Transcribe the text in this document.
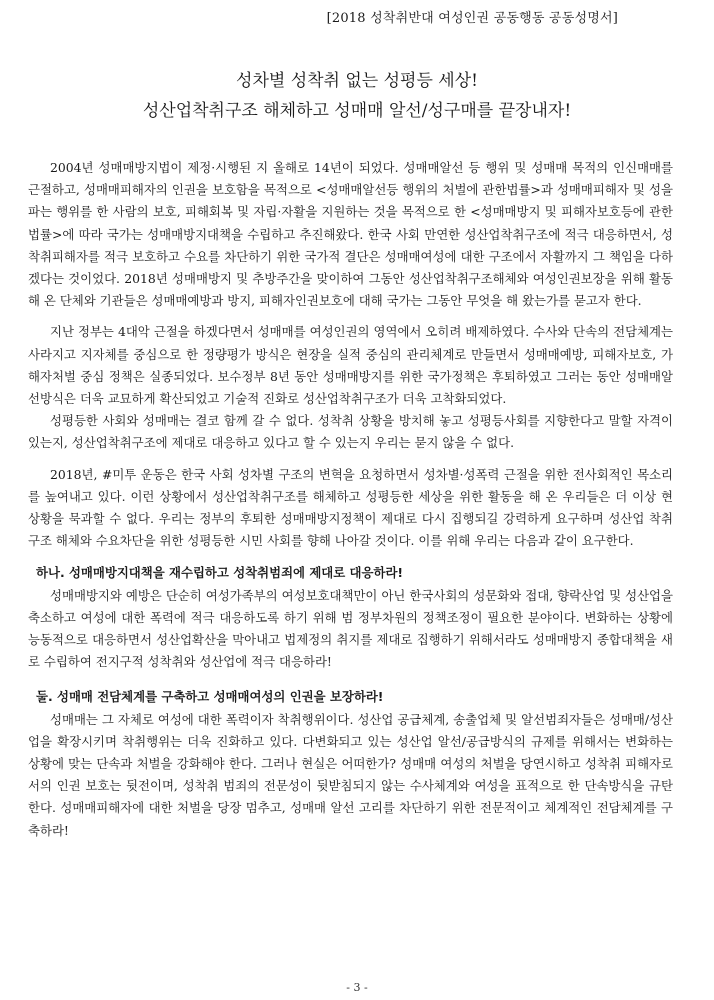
[2018 성착취반대 여성인권 공동행동 공동성명서]
성차별 성착취 없는 성평등 세상!
성산업착취구조 해체하고 성매매 알선/성구매를 끝장내자!

2004년 성매매방지법이 제정·시행된 지 올해로 14년이 되었다. 성매매알선 등 행위 및 성매매 목적의 인신매매를 근절하고, 성매매피해자의 인권을 보호함을 목적으로 <성매매알선등 행위의 처벌에 관한법률>과 성매매피해자 및 성을 파는 행위를 한 사람의 보호, 피해회복 및 자립·자활을 지원하는 것을 목적으로 한 <성매매방지 및 피해자보호등에 관한법률>에 따라 국가는 성매매방지대책을 수립하고 추진해왔다. 한국 사회 만연한 성산업착취구조에 적극 대응하면서, 성착취피해자를 적극 보호하고 수요를 차단하기 위한 국가적 결단은 성매매여성에 대한 구조에서 자활까지 그 책임을 다하겠다는 것이었다. 2018년 성매매방지 및 추방주간을 맞이하여 그동안 성산업착취구조해체와 여성인권보장을 위해 활동해 온 단체와 기관들은 성매매예방과 방지, 피해자인권보호에 대해 국가는 그동안 무엇을 해 왔는가를 묻고자 한다.

지난 정부는 4대악 근절을 하겠다면서 성매매를 여성인권의 영역에서 오히려 배제하였다. 수사와 단속의 전담체계는 사라지고 지자체를 중심으로 한 정량평가 방식은 현장을 실적 중심의 관리체계로 만들면서 성매매예방, 피해자보호, 가해자처벌 중심 정책은 실종되었다. 보수정부 8년 동안 성매매방지를 위한 국가정책은 후퇴하였고 그러는 동안 성매매알선방식은 더욱 교묘하게 확산되었고 기술적 진화로 성산업착취구조가 더욱 고착화되었다.

성평등한 사회와 성매매는 결코 함께 갈 수 없다. 성착취 상황을 방치해 놓고 성평등사회를 지향한다고 말할 자격이 있는지, 성산업착취구조에 제대로 대응하고 있다고 할 수 있는지 우리는 묻지 않을 수 없다.

2018년, #미투 운동은 한국 사회 성차별 구조의 변혁을 요청하면서 성차별·성폭력 근절을 위한 전사회적인 목소리를 높여내고 있다. 이런 상황에서 성산업착취구조를 해체하고 성평등한 세상을 위한 활동을 해 온 우리들은 더 이상 현 상황을 묵과할 수 없다. 우리는 정부의 후퇴한 성매매방지정책이 제대로 다시 집행되길 강력하게 요구하며 성산업 착취구조 해체와 수요차단을 위한 성평등한 시민 사회를 향해 나아갈 것이다. 이를 위해 우리는 다음과 같이 요구한다.

하나. 성매매방지대책을 재수립하고 성착취범죄에 제대로 대응하라!

성매매방지와 예방은 단순히 여성가족부의 여성보호대책만이 아닌 한국사회의 성문화와 접대, 향락산업 및 성산업을 축소하고 여성에 대한 폭력에 적극 대응하도록 하기 위해 범 정부차원의 정책조정이 필요한 분야이다. 변화하는 상황에 능동적으로 대응하면서 성산업확산을 막아내고 법제정의 취지를 제대로 집행하기 위해서라도 성매매방지 종합대책을 새로 수립하여 전지구적 성착취와 성산업에 적극 대응하라!

둘. 성매매 전담체계를 구축하고 성매매여성의 인권을 보장하라!

성매매는 그 자체로 여성에 대한 폭력이자 착취행위이다. 성산업 공급체계, 송출업체 및 알선범죄자들은 성매매/성산업을 확장시키며 착취행위는 더욱 진화하고 있다. 다변화되고 있는 성산업 알선/공급방식의 규제를 위해서는 변화하는 상황에 맞는 단속과 처벌을 강화해야 한다. 그러나 현실은 어떠한가? 성매매 여성의 처벌을 당연시하고 성착취 피해자로서의 인권 보호는 뒷전이며, 성착취 범죄의 전문성이 뒷받침되지 않는 수사체계와 여성을 표적으로 한 단속방식을 규탄한다. 성매매피해자에 대한 처벌을 당장 멈추고, 성매매 알선 고리를 차단하기 위한 전문적이고 체계적인 전담체계를 구축하라!

- 3 -
